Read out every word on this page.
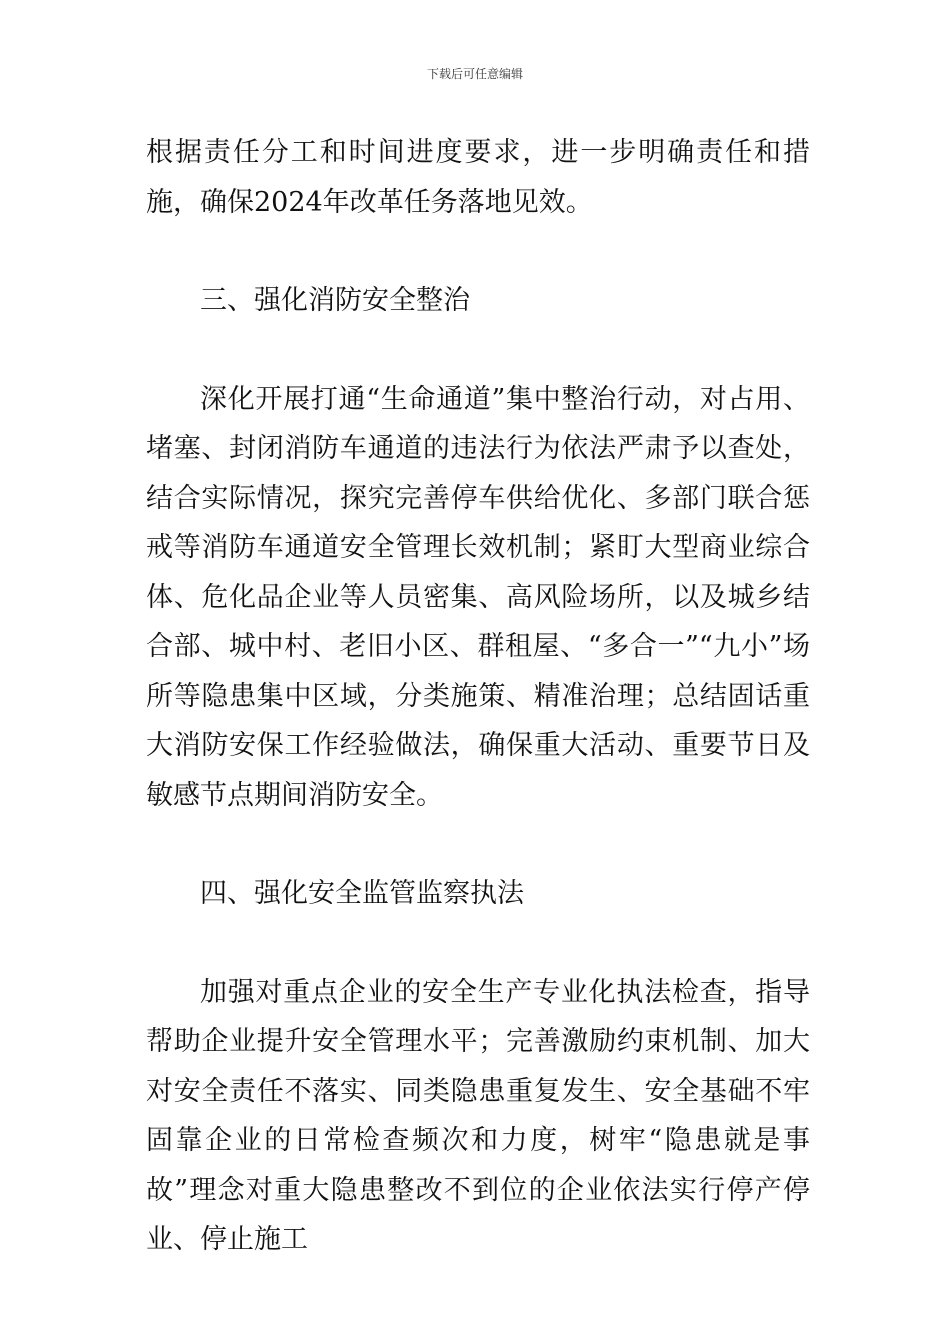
下载后可任意编辑

根据责任分工和时间进度要求，进一步明确责任和措施，确保2024年改革任务落地见效。

三、强化消防安全整治

深化开展打通“生命通道”集中整治行动，对占用、堵塞、封闭消防车通道的违法行为依法严肃予以查处，结合实际情况，探究完善停车供给优化、多部门联合惩戒等消防车通道安全管理长效机制；紧盯大型商业综合体、危化品企业等人员密集、高风险场所，以及城乡结合部、城中村、老旧小区、群租屋、“多合一”“九小”场所等隐患集中区域，分类施策、精准治理；总结固话重大消防安保工作经验做法，确保重大活动、重要节日及敏感节点期间消防安全。

四、强化安全监管监察执法

加强对重点企业的安全生产专业化执法检查，指导帮助企业提升安全管理水平；完善激励约束机制、加大对安全责任不落实、同类隐患重复发生、安全基础不牢固靠企业的日常检查频次和力度，树牢“隐患就是事故”理念对重大隐患整改不到位的企业依法实行停产停业、停止施工
